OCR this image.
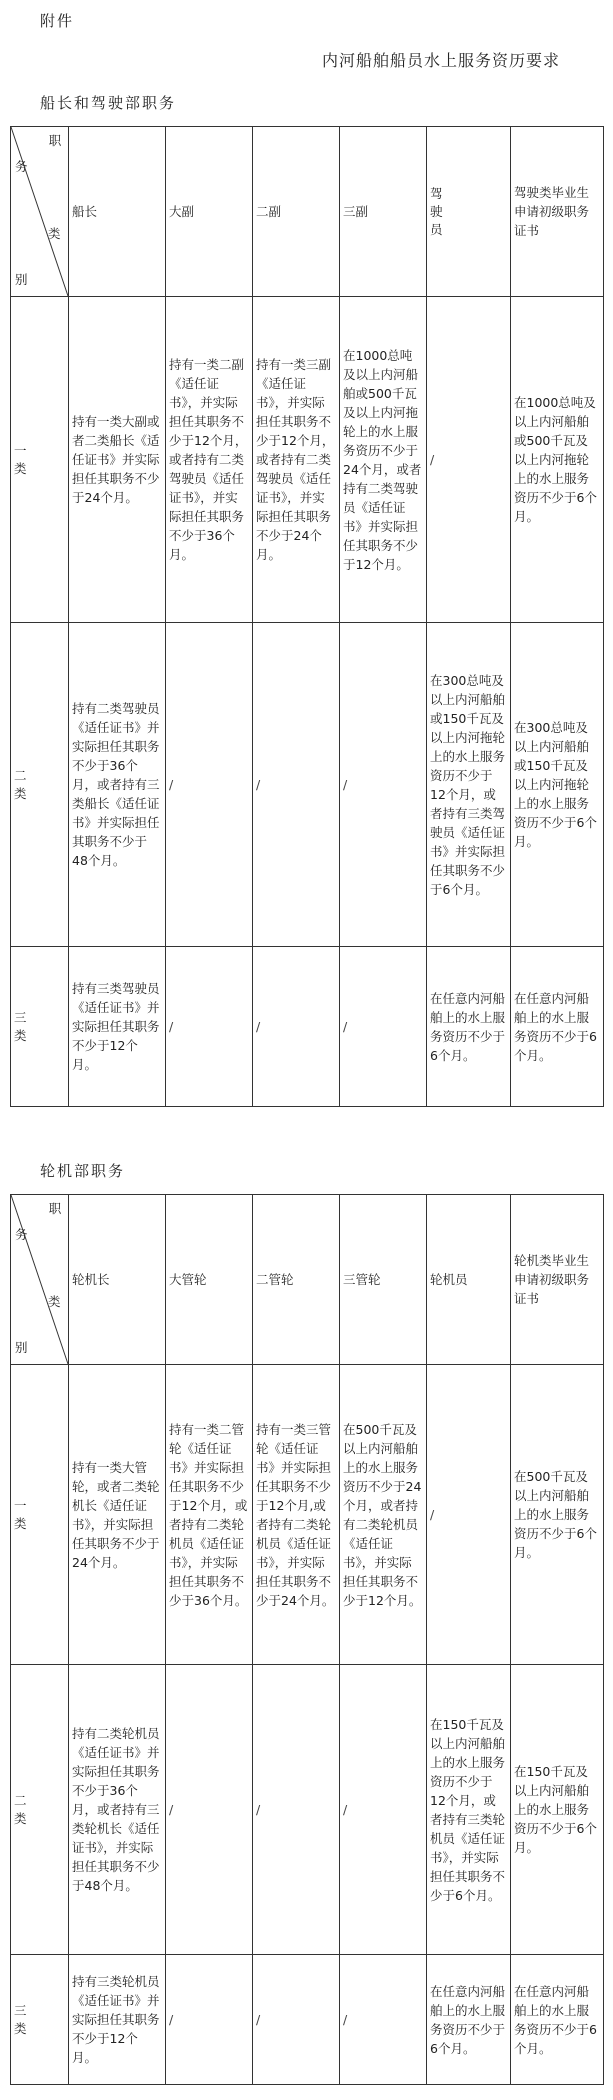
附件
内河船舶船员水上服务资历要求
船长和驾驶部职务
职
务
类
别	船长	大副	二副	三副	驾驶员	驾驶类毕业生申请初级职务证书
一类	持有一类大副或者二类船长《适任证书》并实际担任其职务不少于24个月。	持有一类二副《适任证书》，并实际担任其职务不少于12个月，或者持有二类驾驶员《适任证书》，并实际担任其职务不少于36个月。	持有一类三副《适任证书》，并实际担任其职务不少于12个月，或者持有二类驾驶员《适任证书》，并实际担任其职务不少于24个月。	在1000总吨及以上内河船舶或500千瓦及以上内河拖轮上的水上服务资历不少于24个月，或者持有二类驾驶员《适任证书》并实际担任其职务不少于12个月。	/	在1000总吨及以上内河船舶或500千瓦及以上内河拖轮上的水上服务资历不少于6个月。
二类	持有二类驾驶员《适任证书》并实际担任其职务不少于36个月，或者持有三类船长《适任证书》并实际担任其职务不少于48个月。	/	/	/	在300总吨及以上内河船舶或150千瓦及以上内河拖轮上的水上服务资历不少于12个月，或者持有三类驾驶员《适任证书》并实际担任其职务不少于6个月。	在300总吨及以上内河船舶或150千瓦及以上内河拖轮上的水上服务资历不少于6个月。
三类	持有三类驾驶员《适任证书》并实际担任其职务不少于12个月。	/	/	/	在任意内河船舶上的水上服务资历不少于6个月。	在任意内河船舶上的水上服务资历不少于6个月。
轮机部职务
职
务
类
别	轮机长	大管轮	二管轮	三管轮	轮机员	轮机类毕业生申请初级职务证书
一类	持有一类大管轮，或者二类轮机长《适任证书》，并实际担任其职务不少于24个月。	持有一类二管轮《适任证书》并实际担任其职务不少于12个月，或者持有二类轮机员《适任证书》，并实际担任其职务不少于36个月。	持有一类三管轮《适任证书》并实际担任其职务不少于12个月,或者持有二类轮机员《适任证书》，并实际担任其职务不少于24个月。	在500千瓦及以上内河船舶上的水上服务资历不少于24个月，或者持有二类轮机员《适任证书》，并实际担任其职务不少于12个月。	/	在500千瓦及以上内河船舶上的水上服务资历不少于6个月。
二类	持有二类轮机员《适任证书》并实际担任其职务不少于36个月，或者持有三类轮机长《适任证书》，并实际担任其职务不少于48个月。	/	/	/	在150千瓦及以上内河船舶上的水上服务资历不少于12个月，或者持有三类轮机员《适任证书》，并实际担任其职务不少于6个月。	在150千瓦及以上内河船舶上的水上服务资历不少于6个月。
三类	持有三类轮机员《适任证书》并实际担任其职务不少于12个月。	/	/	/	在任意内河船舶上的水上服务资历不少于6个月。	在任意内河船舶上的水上服务资历不少于6个月。
